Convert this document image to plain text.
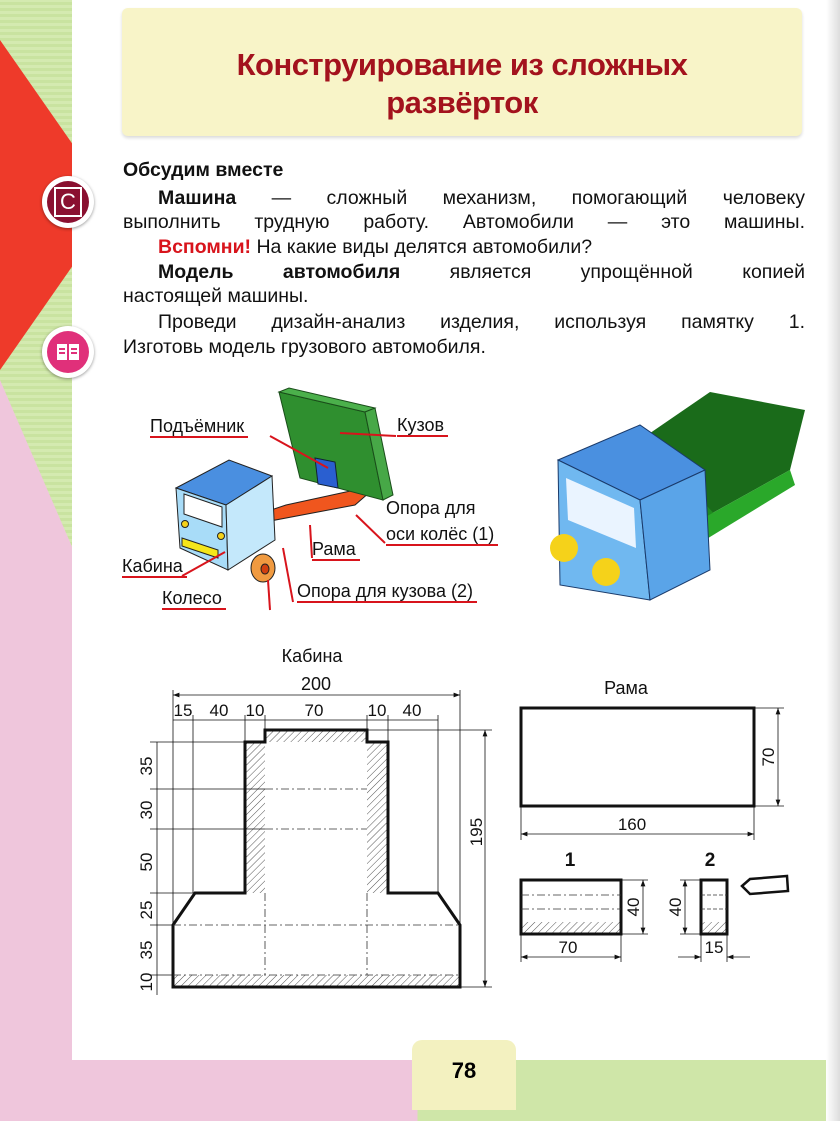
Конструирование из сложных
развёрток
C
Обсудим вместе
Машина — сложный механизм, помогающий человеку
выполнить трудную работу. Автомобили — это машины.
Вспомни! На какие виды делятся автомобили?
Модель автомобиля является упрощённой копией
настоящей машины.
Проведи дизайн-анализ изделия, используя памятку 1.
Изготовь модель грузового автомобиля.
Подъёмник	Кузов
Опора для
оси колёс (1)
Рама
Кабина
Колесо	Опора для кузова (2)
Кабина
200
15 40 10 70	10 40
35
30
50
25
35
10
195
Рама
160
70
1
70
40
2
15
40
78
